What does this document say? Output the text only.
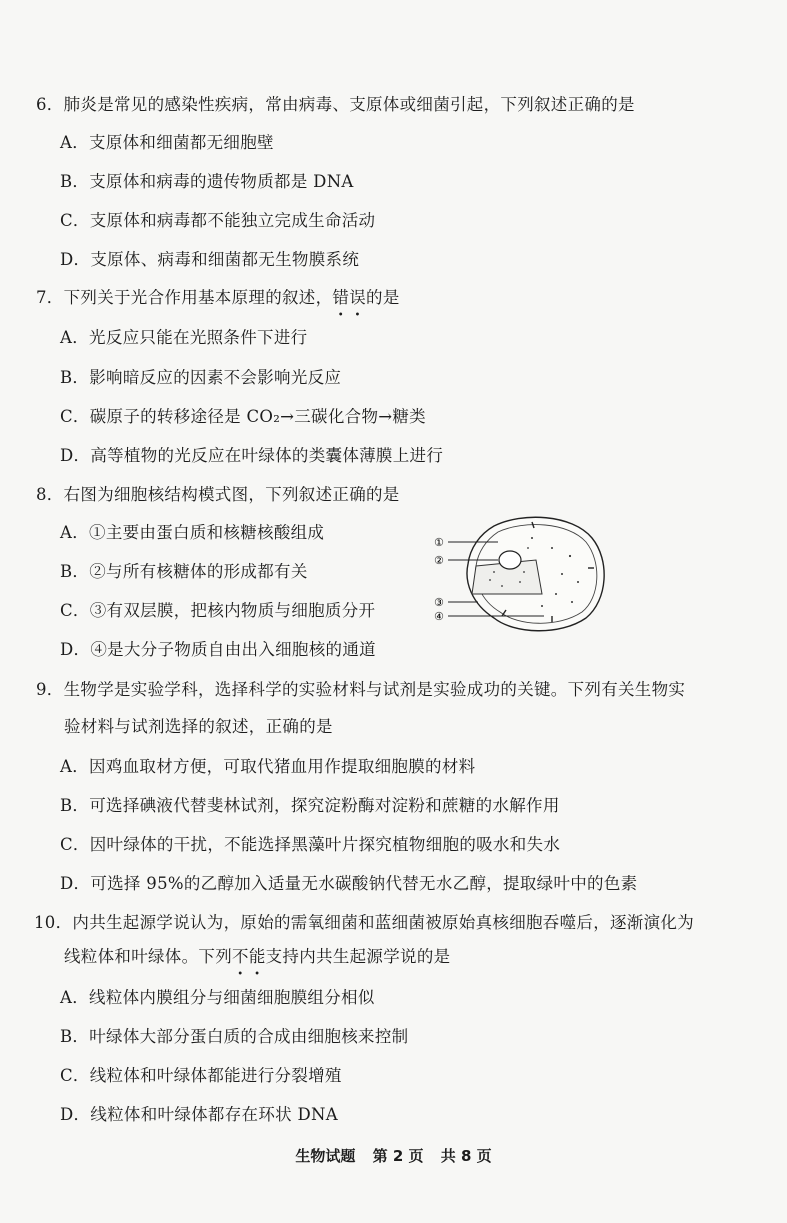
6．肺炎是常见的感染性疾病，常由病毒、支原体或细菌引起，下列叙述正确的是
A．支原体和细菌都无细胞壁
B．支原体和病毒的遗传物质都是 DNA
C．支原体和病毒都不能独立完成生命活动
D．支原体、病毒和细菌都无生物膜系统
7．下列关于光合作用基本原理的叙述，错误的是
A．光反应只能在光照条件下进行
B．影响暗反应的因素不会影响光反应
C．碳原子的转移途径是 CO₂→三碳化合物→糖类
D．高等植物的光反应在叶绿体的类囊体薄膜上进行
8．右图为细胞核结构模式图，下列叙述正确的是
A．①主要由蛋白质和核糖核酸组成
B．②与所有核糖体的形成都有关
C．③有双层膜，把核内物质与细胞质分开
D．④是大分子物质自由出入细胞核的通道
①
②
③
④
9．生物学是实验学科，选择科学的实验材料与试剂是实验成功的关键。下列有关生物实
验材料与试剂选择的叙述，正确的是
A．因鸡血取材方便，可取代猪血用作提取细胞膜的材料
B．可选择碘液代替斐林试剂，探究淀粉酶对淀粉和蔗糖的水解作用
C．因叶绿体的干扰，不能选择黑藻叶片探究植物细胞的吸水和失水
D．可选择 95%的乙醇加入适量无水碳酸钠代替无水乙醇，提取绿叶中的色素
10．内共生起源学说认为，原始的需氧细菌和蓝细菌被原始真核细胞吞噬后，逐渐演化为
线粒体和叶绿体。下列不能支持内共生起源学说的是
A．线粒体内膜组分与细菌细胞膜组分相似
B．叶绿体大部分蛋白质的合成由细胞核来控制
C．线粒体和叶绿体都能进行分裂增殖
D．线粒体和叶绿体都存在环状 DNA
生物试题 第 2 页 共 8 页
